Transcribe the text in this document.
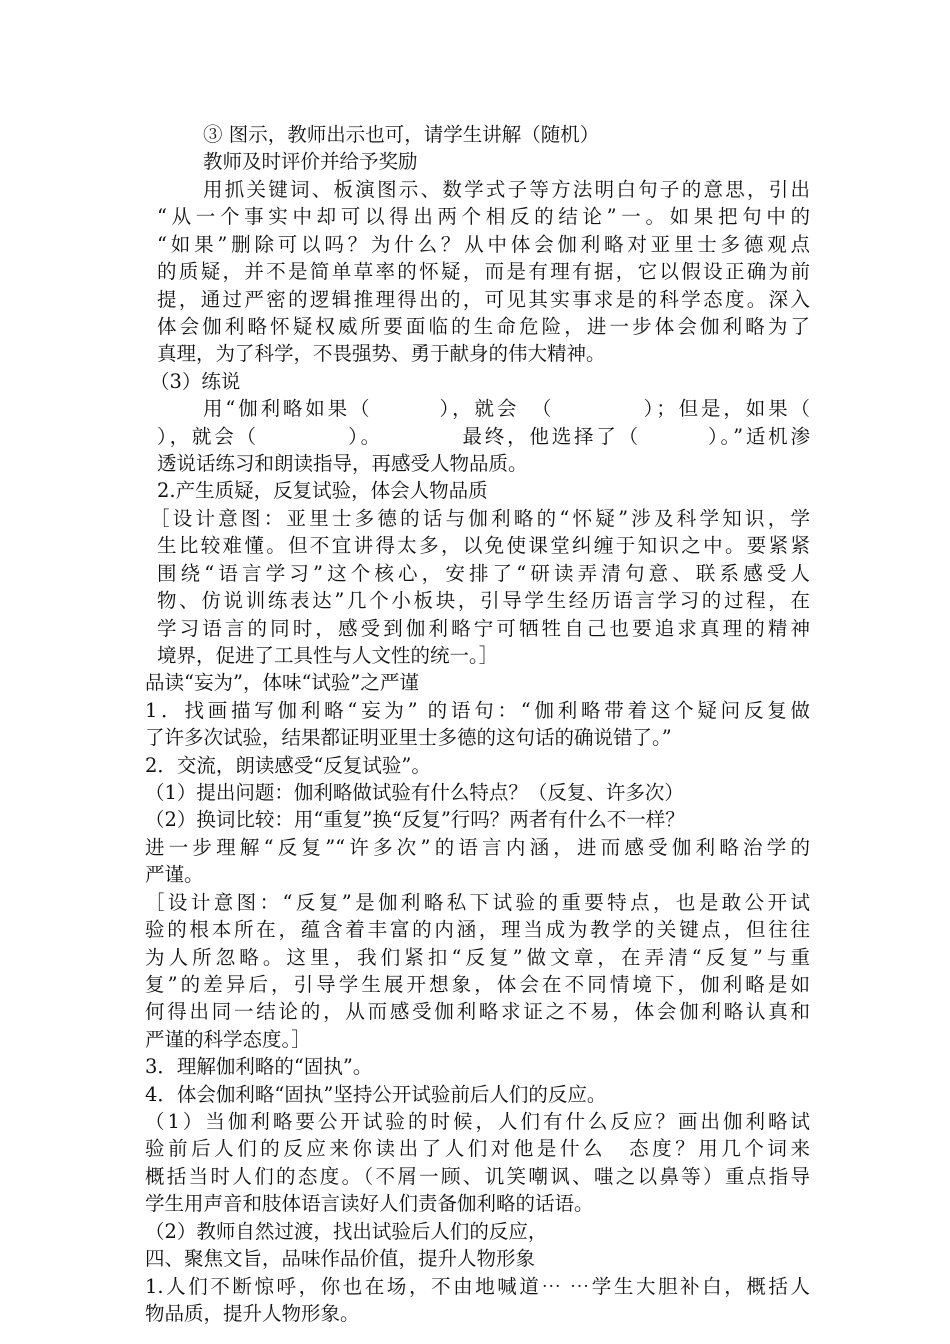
③ 图示，教师出示也可，请学生讲解（随机）
教师及时评价并给予奖励
用抓关键词、板演图示、数学式子等方法明白句子的意思，引出
“从一个事实中却可以得出两个相反的结论”一。如果把句中的
“如果”删除可以吗？为什么？从中体会伽利略对亚里士多德观点
的质疑，并不是简单草率的怀疑，而是有理有据，它以假设正确为前
提，通过严密的逻辑推理得出的，可见其实事求是的科学态度。深入
体会伽利略怀疑权威所要面临的生命危险，进一步体会伽利略为了
真理，为了科学，不畏强势、勇于献身的伟大精神。
（3）练说
用“伽利略如果（　　　），就会　（　　　　）；但是，如果（
），就会（　　　　）。　　　　最终，他选择了（　　　）。”适机渗
透说话练习和朗读指导，再感受人物品质。
2.产生质疑，反复试验，体会人物品质
［设计意图：亚里士多德的话与伽利略的“怀疑”涉及科学知识，学
生比较难懂。但不宜讲得太多，以免使课堂纠缠于知识之中。要紧紧
围绕“语言学习”这个核心，安排了“研读弄清句意、联系感受人
物、仿说训练表达”几个小板块，引导学生经历语言学习的过程，在
学习语言的同时，感受到伽利略宁可牺牲自己也要追求真理的精神
境界，促进了工具性与人文性的统一。］
品读“妄为”，体味“试验”之严谨
1．找画描写伽利略“妄为” 的语句：“伽利略带着这个疑问反复做
了许多次试验，结果都证明亚里士多德的这句话的确说错了。”
2．交流，朗读感受“反复试验”。
（1）提出问题：伽利略做试验有什么特点？（反复、许多次）
（2）换词比较：用“重复”换“反复”行吗？两者有什么不一样？
进一步理解“反复”“许多次”的语言内涵，进而感受伽利略治学的
严谨。
［设计意图：“反复”是伽利略私下试验的重要特点，也是敢公开试
验的根本所在，蕴含着丰富的内涵，理当成为教学的关键点，但往往
为人所忽略。这里，我们紧扣“反复”做文章，在弄清“反复”与重
复”的差异后，引导学生展开想象，体会在不同情境下，伽利略是如
何得出同一结论的，从而感受伽利略求证之不易，体会伽利略认真和
严谨的科学态度。］
3．理解伽利略的“固执”。
4．体会伽利略“固执”坚持公开试验前后人们的反应。
（1）当伽利略要公开试验的时候，人们有什么反应？画出伽利略试
验前后人们的反应来你读出了人们对他是什么　态度？用几个词来
概括当时人们的态度。（不屑一顾、讥笑嘲讽、嗤之以鼻等）重点指导
学生用声音和肢体语言读好人们责备伽利略的话语。
（2）教师自然过渡，找出试验后人们的反应，
四、聚焦文旨，品味作品价值，提升人物形象
1.人们不断惊呼，你也在场，不由地喊道⋯ ⋯学生大胆补白，概括人
物品质，提升人物形象。
